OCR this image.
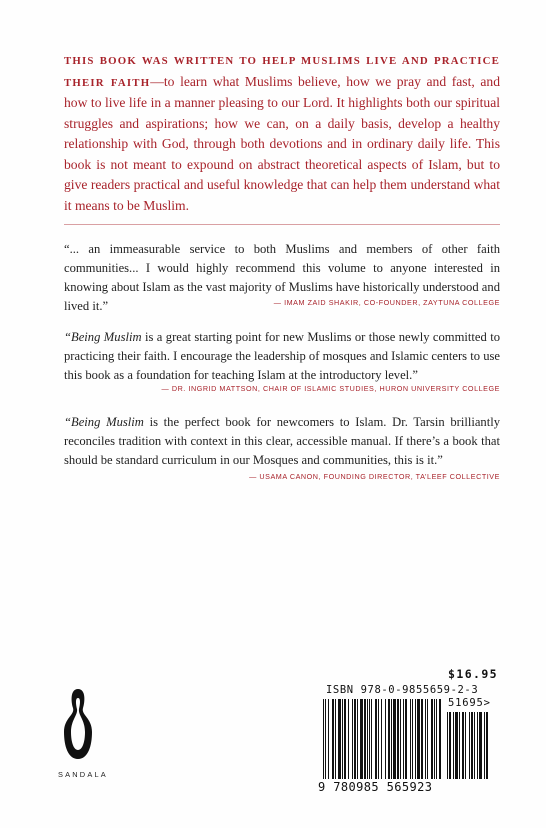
THIS BOOK WAS WRITTEN TO HELP MUSLIMS LIVE AND PRACTICE THEIR FAITH—to learn what Muslims believe, how we pray and fast, and how to live life in a manner pleasing to our Lord. It highlights both our spiritual struggles and aspirations; how we can, on a daily basis, develop a healthy relationship with God, through both devotions and in ordinary daily life. This book is not meant to expound on abstract theoretical aspects of Islam, but to give readers practical and useful knowledge that can help them understand what it means to be Muslim.
“... an immeasurable service to both Muslims and members of other faith communities... I would highly recommend this volume to anyone interested in knowing about Islam as the vast majority of Muslims have historically understood and lived it.”	— IMAM ZAID SHAKIR, CO-FOUNDER, ZAYTUNA COLLEGE
“Being Muslim is a great starting point for new Muslims or those newly committed to practicing their faith. I encourage the leadership of mosques and Islamic centers to use this book as a foundation for teaching Islam at the introductory level.”
— DR. INGRID MATTSON, CHAIR OF ISLAMIC STUDIES, HURON UNIVERSITY COLLEGE
“Being Muslim is the perfect book for newcomers to Islam. Dr. Tarsin brilliantly reconciles tradition with context in this clear, accessible manual. If there’s a book that should be standard curriculum in our Mosques and communities, this is it.”
— USAMA CANON, FOUNDING DIRECTOR, TA’LEEF COLLECTIVE
SANDALA
$16.95
ISBN 978-0-9855659-2-3
51695>
9 780985 565923
